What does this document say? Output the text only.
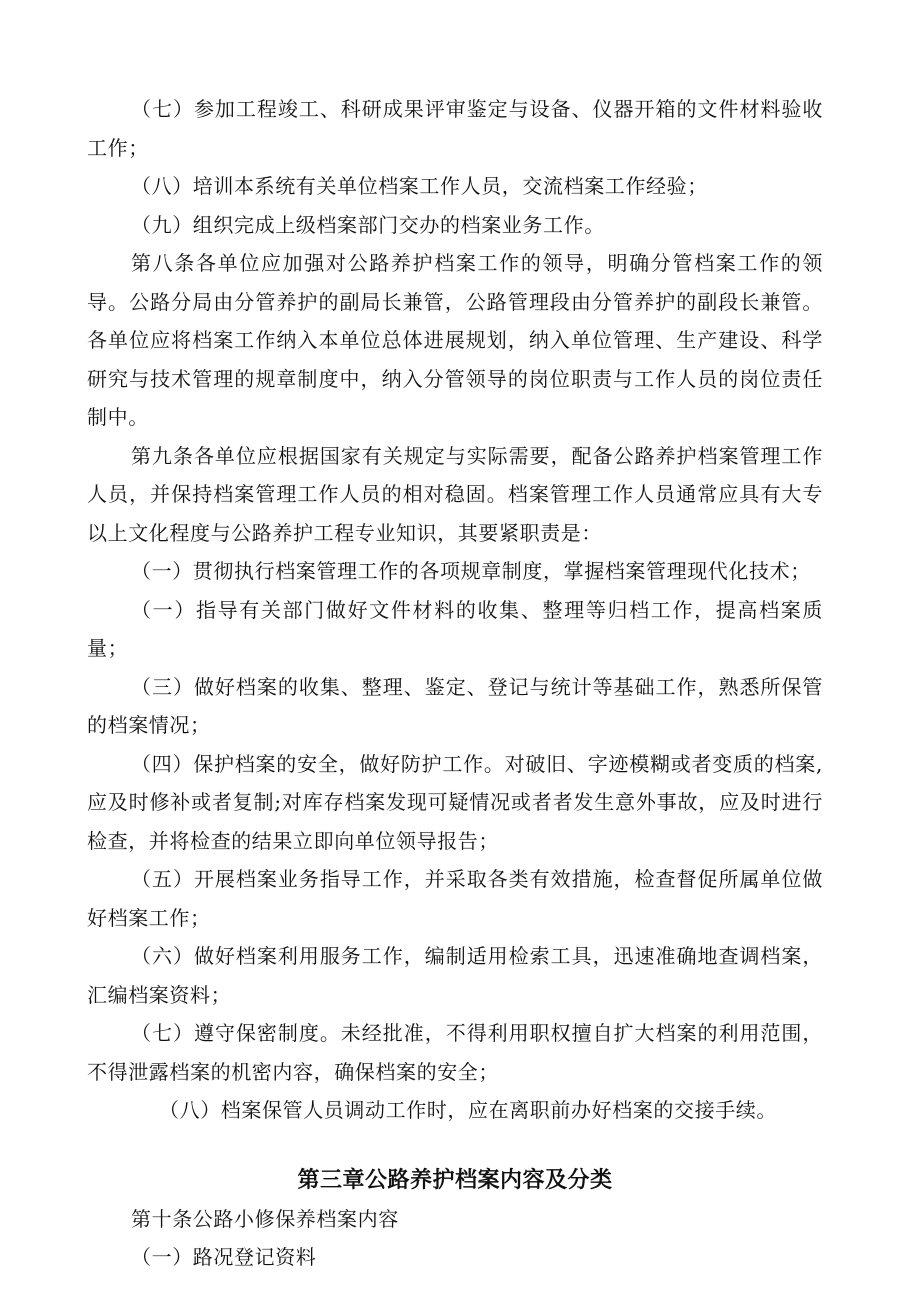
（七）参加工程竣工、科研成果评审鉴定与设备、仪器开箱的文件材料验收工作；

（八）培训本系统有关单位档案工作人员，交流档案工作经验；

（九）组织完成上级档案部门交办的档案业务工作。

第八条各单位应加强对公路养护档案工作的领导，明确分管档案工作的领导。公路分局由分管养护的副局长兼管，公路管理段由分管养护的副段长兼管。各单位应将档案工作纳入本单位总体进展规划，纳入单位管理、生产建设、科学研究与技术管理的规章制度中，纳入分管领导的岗位职责与工作人员的岗位责任制中。

第九条各单位应根据国家有关规定与实际需要，配备公路养护档案管理工作人员，并保持档案管理工作人员的相对稳固。档案管理工作人员通常应具有大专以上文化程度与公路养护工程专业知识，其要紧职责是：

（一）贯彻执行档案管理工作的各项规章制度，掌握档案管理现代化技术；

（一）指导有关部门做好文件材料的收集、整理等归档工作，提高档案质量；

（三）做好档案的收集、整理、鉴定、登记与统计等基础工作，熟悉所保管的档案情况；

（四）保护档案的安全，做好防护工作。对破旧、字迹模糊或者变质的档案,应及时修补或者复制;对库存档案发现可疑情况或者者发生意外事故，应及时进行检查，并将检查的结果立即向单位领导报告；

（五）开展档案业务指导工作，并采取各类有效措施，检查督促所属单位做好档案工作；

（六）做好档案利用服务工作，编制适用检索工具，迅速准确地查调档案，汇编档案资料；

（七）遵守保密制度。未经批准，不得利用职权擅自扩大档案的利用范围，不得泄露档案的机密内容，确保档案的安全；

（八）档案保管人员调动工作时，应在离职前办好档案的交接手续。

第三章公路养护档案内容及分类

第十条公路小修保养档案内容

（一）路况登记资料
